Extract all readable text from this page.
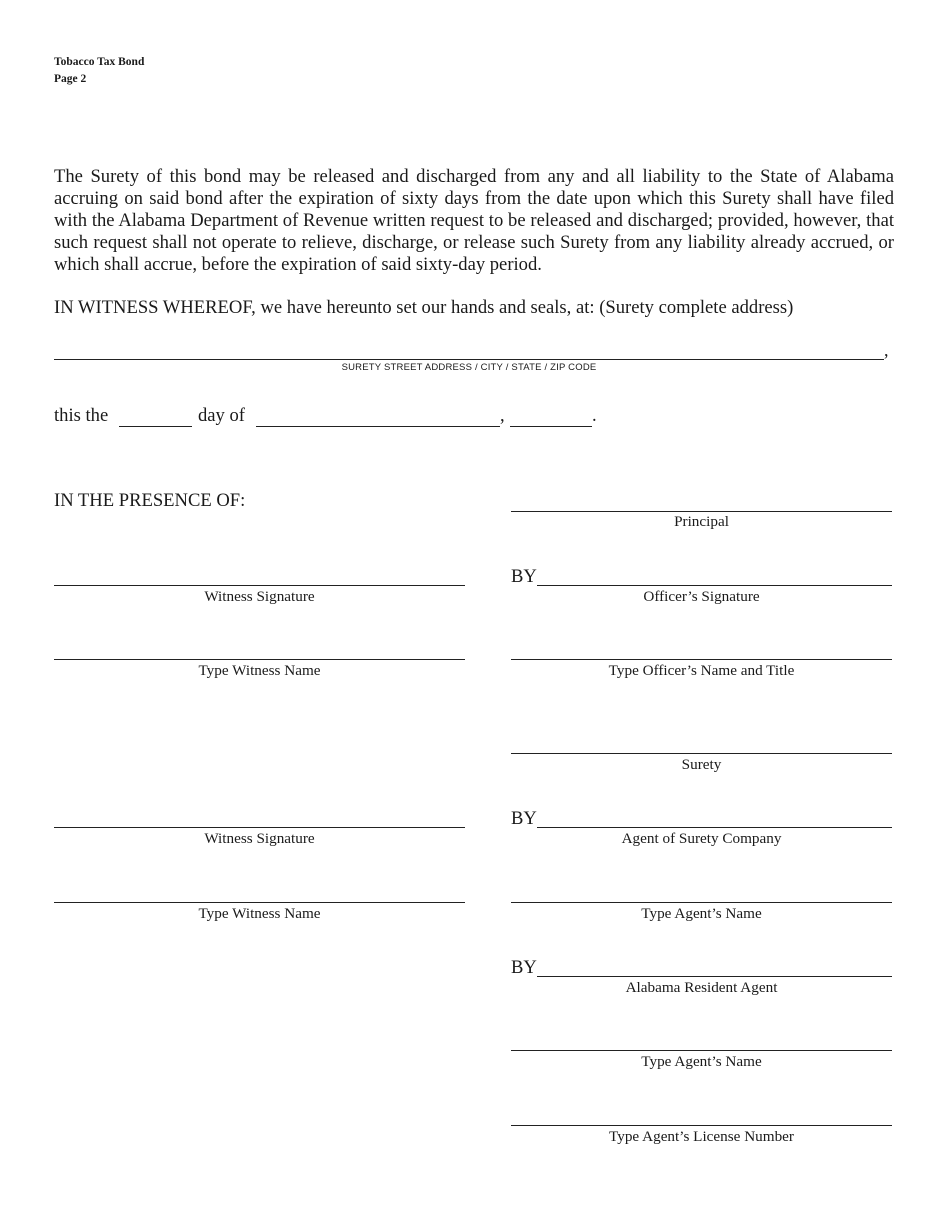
Tobacco Tax Bond
Page 2

The Surety of this bond may be released and discharged from any and all liability to the State of Alabama accruing on said bond after the expiration of sixty days from the date upon which this Surety shall have filed with the Alabama Department of Revenue written request to be released and discharged; provided, however, that such request shall not operate to relieve, discharge, or release such Surety from any liability already accrued, or which shall accrue, before the expiration of said sixty-day period.

IN WITNESS WHEREOF, we have hereunto set our hands and seals, at: (Surety complete address)
,
SURETY STREET ADDRESS / CITY / STATE / ZIP CODE
this the	day of	,	.
IN THE PRESENCE OF:
Principal
Witness Signature
BY
Officer’s Signature
Type Witness Name	Type Officer’s Name and Title
Surety
Witness Signature
BY
Agent of Surety Company
Type Witness Name	Type Agent’s Name
BY
Alabama Resident Agent
Type Agent’s Name
Type Agent’s License Number
